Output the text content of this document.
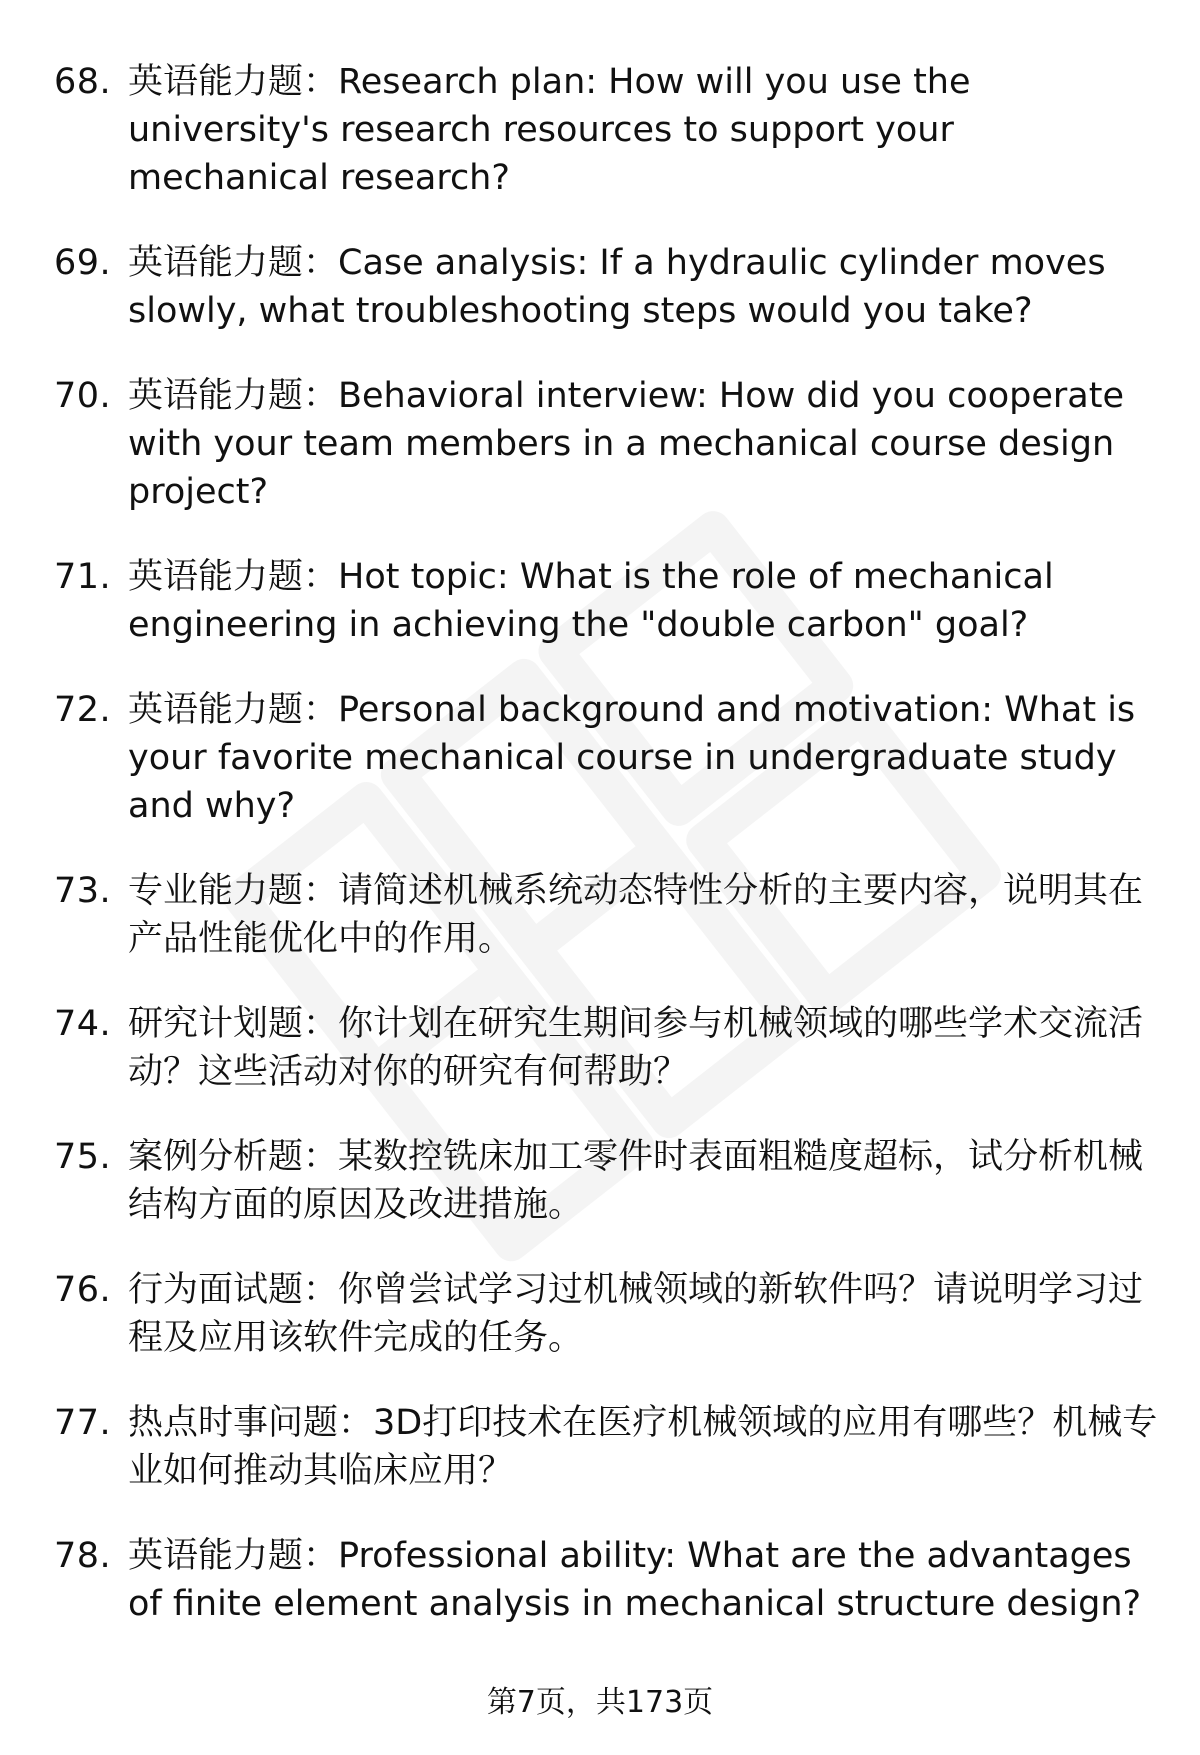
68. 英语能力题：Research plan: How will you use the university's research resources to support your mechanical research?
69. 英语能力题：Case analysis: If a hydraulic cylinder moves slowly, what troubleshooting steps would you take?
70. 英语能力题：Behavioral interview: How did you cooperate with your team members in a mechanical course design project?
71. 英语能力题：Hot topic: What is the role of mechanical engineering in achieving the "double carbon" goal?
72. 英语能力题：Personal background and motivation: What is your favorite mechanical course in undergraduate study and why?
73. 专业能力题：请简述机械系统动态特性分析的主要内容，说明其在产品性能优化中的作用。
74. 研究计划题：你计划在研究生期间参与机械领域的哪些学术交流活动？这些活动对你的研究有何帮助？
75. 案例分析题：某数控铣床加工零件时表面粗糙度超标，试分析机械结构方面的原因及改进措施。
76. 行为面试题：你曾尝试学习过机械领域的新软件吗？请说明学习过程及应用该软件完成的任务。
77. 热点时事问题：3D打印技术在医疗机械领域的应用有哪些？机械专业如何推动其临床应用？
78. 英语能力题：Professional ability: What are the advantages of finite element analysis in mechanical structure design?
第7页，共173页
